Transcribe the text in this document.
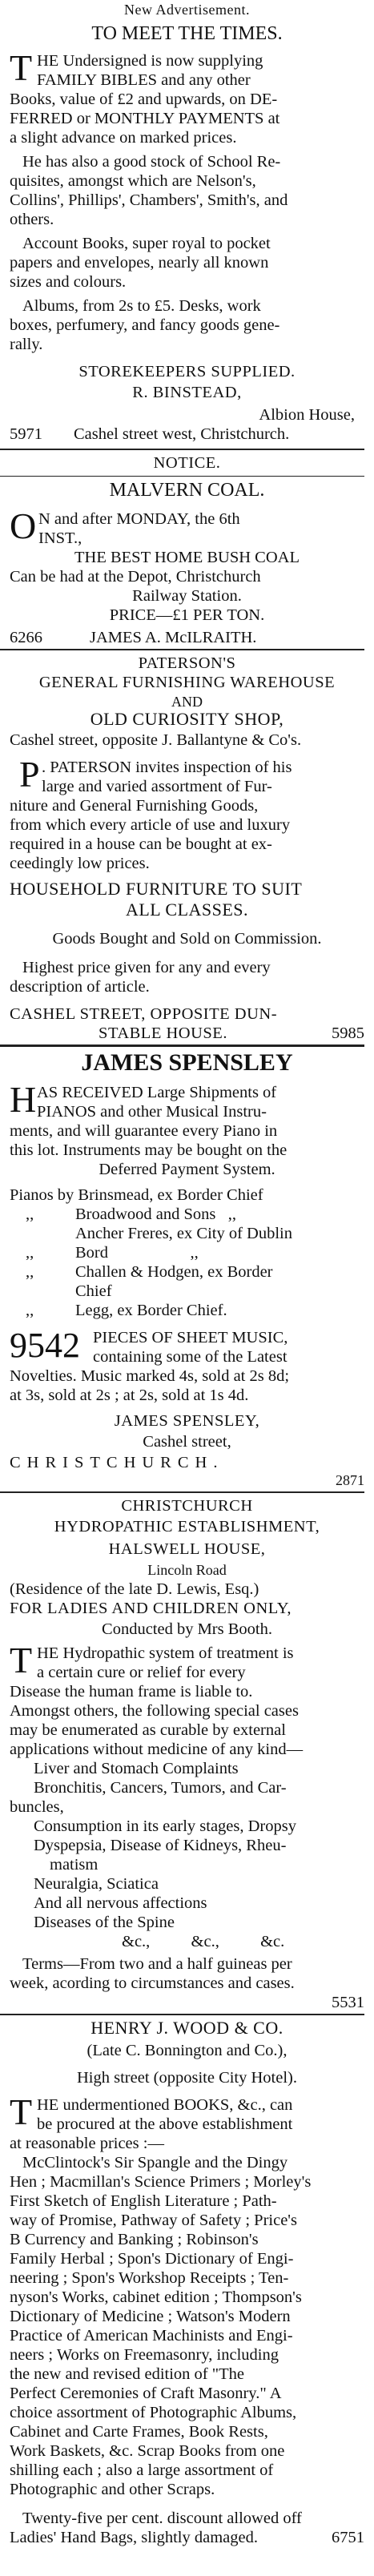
New Advertisement.
TO MEET THE TIMES.
T HE Undersigned is now supplying
FAMILY BIBLES and any other
Books, value of £2 and upwards, on DE-
FERRED or MONTHLY PAYMENTS at
a slight advance on marked prices.
He has also a good stock of School Re-
quisites, amongst which are Nelson's,
Collins', Phillips', Chambers', Smith's, and
others.
Account Books, super royal to pocket
papers and envelopes, nearly all known
sizes and colours.
Albums, from 2s to £5. Desks, work
boxes, perfumery, and fancy goods gene-
rally.
STOREKEEPERS SUPPLIED.
R. BINSTEAD,
Albion House,
5971	Cashel street west, Christchurch.
NOTICE.
MALVERN COAL.
O N and after MONDAY, the 6th
INST.,
THE BEST HOME BUSH COAL
Can be had at the Depot, Christchurch
Railway Station.
PRICE—£1 PER TON.
6266	JAMES A. McILRAITH.
PATERSON'S
GENERAL FURNISHING WAREHOUSE
AND
OLD CURIOSITY SHOP,
Cashel street, opposite J. Ballantyne & Co's.
P . PATERSON invites inspection of his
large and varied assortment of Fur-
niture and General Furnishing Goods,
from which every article of use and luxury
required in a house can be bought at ex-
ceedingly low prices.
HOUSEHOLD FURNITURE TO SUIT
ALL CLASSES.
Goods Bought and Sold on Commission.
Highest price given for any and every
description of article.
CASHEL STREET, OPPOSITE DUN-
STABLE HOUSE.	5985
JAMES SPENSLEY
H AS RECEIVED Large Shipments of
PIANOS and other Musical Instru-
ments, and will guarantee every Piano in
this lot. Instruments may be bought on the
Deferred Payment System.
Pianos by Brinsmead, ex Border Chief
,,	Broadwood and Sons   ,,
Ancher Freres, ex City of Dublin
,,	Bord                    ,,
,,	Challen & Hodgen, ex Border
Chief
,,	Legg, ex Border Chief.
9542 PIECES OF SHEET MUSIC,
containing some of the Latest
Novelties. Music marked 4s, sold at 2s 8d;
at 3s, sold at 2s ; at 2s, sold at 1s 4d.
JAMES SPENSLEY,
Cashel street,
CHRISTCHURCH.
2871
CHRISTCHURCH
HYDROPATHIC ESTABLISHMENT,
HALSWELL HOUSE,
Lincoln Road
(Residence of the late D. Lewis, Esq.)
FOR LADIES AND CHILDREN ONLY,
Conducted by Mrs Booth.
T HE Hydropathic system of treatment is
a certain cure or relief for every
Disease the human frame is liable to.
Amongst others, the following special cases
may be enumerated as curable by external
applications without medicine of any kind—
Liver and Stomach Complaints
Bronchitis, Cancers, Tumors, and Car-
buncles,
Consumption in its early stages, Dropsy
Dyspepsia, Disease of Kidneys, Rheu-
matism
Neuralgia, Sciatica
And all nervous affections
Diseases of the Spine
&c.,          &c.,          &c.
Terms—From two and a half guineas per
week, acording to circumstances and cases.
5531
HENRY J. WOOD & CO.
(Late C. Bonnington and Co.),
High street (opposite City Hotel).
T HE undermentioned BOOKS, &c., can
be procured at the above establishment
at reasonable prices :—
McClintock's Sir Spangle and the Dingy
Hen ; Macmillan's Science Primers ; Morley's
First Sketch of English Literature ; Path-
way of Promise, Pathway of Safety ; Price's
B Currency and Banking ; Robinson's
Family Herbal ; Spon's Dictionary of Engi-
neering ; Spon's Workshop Receipts ; Ten-
nyson's Works, cabinet edition ; Thompson's
Dictionary of Medicine ; Watson's Modern
Practice of American Machinists and Engi-
neers ; Works on Freemasonry, including
the new and revised edition of "The
Perfect Ceremonies of Craft Masonry." A
choice assortment of Photographic Albums,
Cabinet and Carte Frames, Book Rests,
Work Baskets, &c. Scrap Books from one
shilling each ; also a large assortment of
Photographic and other Scraps.
Twenty-five per cent. discount allowed off
Ladies' Hand Bags, slightly damaged.	6751
